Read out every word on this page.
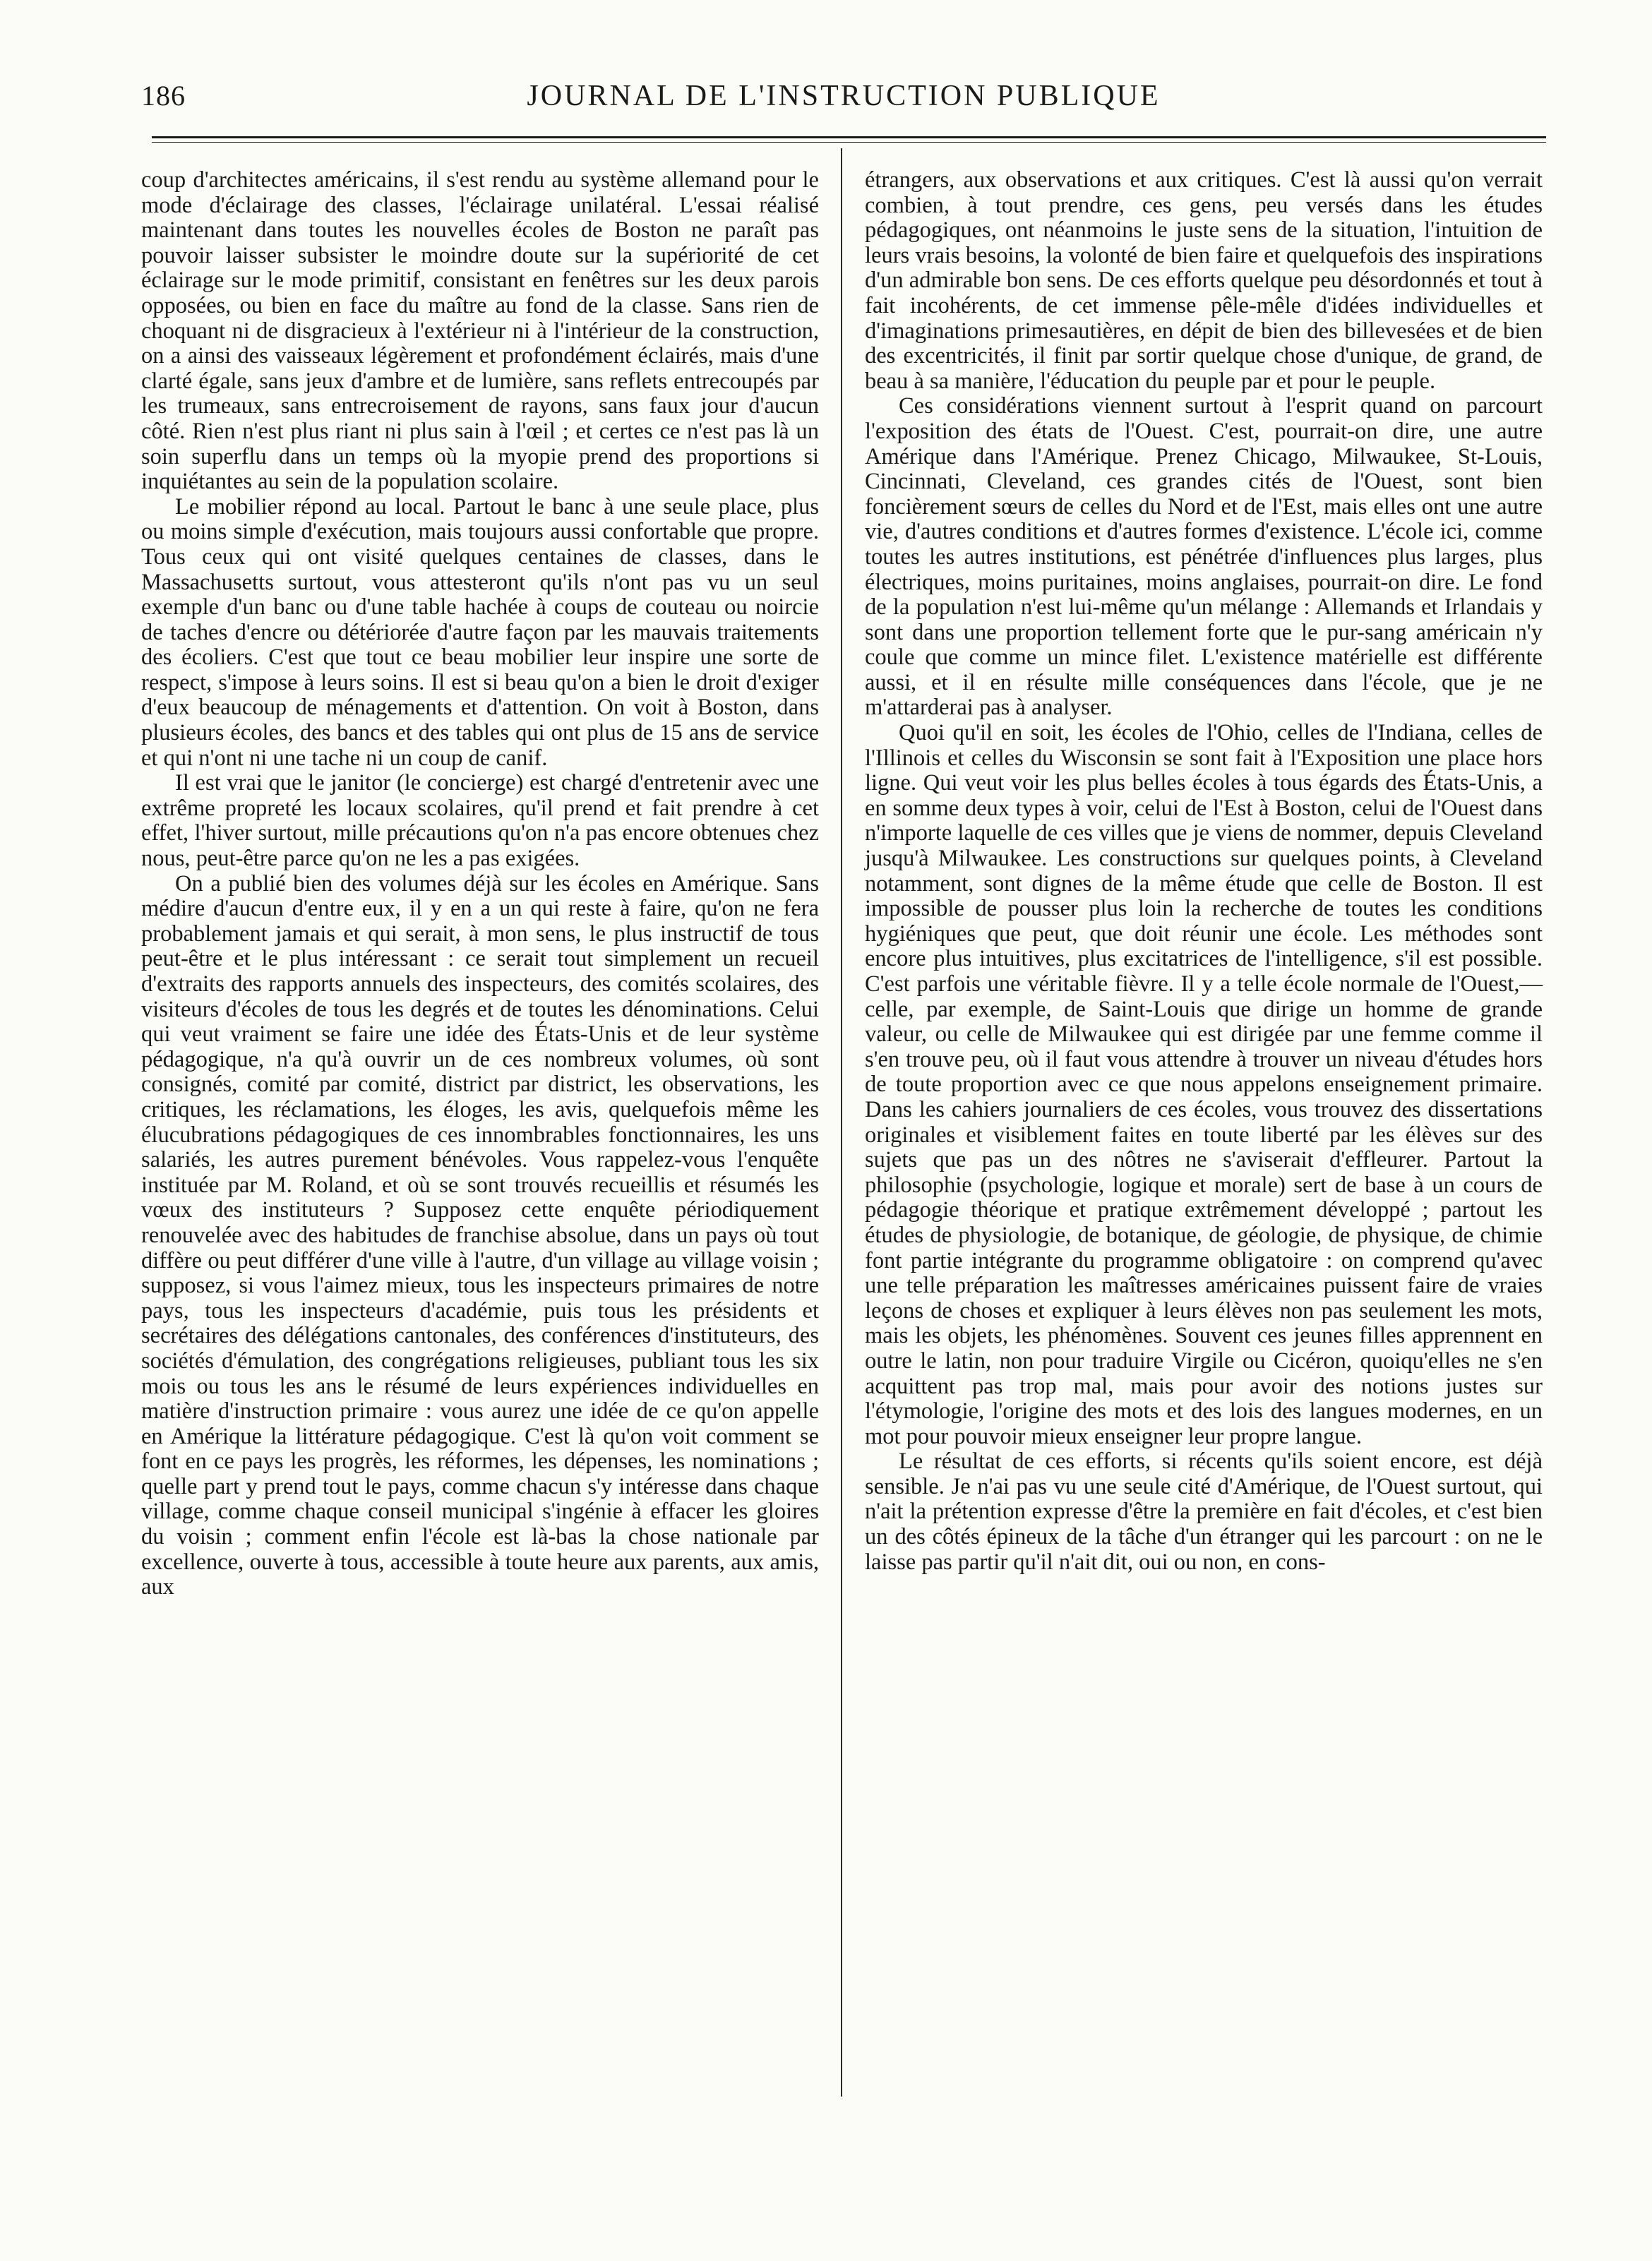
186	JOURNAL DE L'INSTRUCTION PUBLIQUE

coup d'architectes américains, il s'est rendu au système allemand pour le mode d'éclairage des classes, l'éclairage unilatéral. L'essai réalisé maintenant dans toutes les nouvelles écoles de Boston ne paraît pas pouvoir laisser subsister le moindre doute sur la supériorité de cet éclairage sur le mode primitif, consistant en fenêtres sur les deux parois opposées, ou bien en face du maître au fond de la classe. Sans rien de choquant ni de disgracieux à l'extérieur ni à l'intérieur de la construction, on a ainsi des vaisseaux légèrement et profondément éclairés, mais d'une clarté égale, sans jeux d'ambre et de lumière, sans reflets entrecoupés par les trumeaux, sans entrecroisement de rayons, sans faux jour d'aucun côté. Rien n'est plus riant ni plus sain à l'œil ; et certes ce n'est pas là un soin superflu dans un temps où la myopie prend des proportions si inquiétantes au sein de la population scolaire.

Le mobilier répond au local. Partout le banc à une seule place, plus ou moins simple d'exécution, mais toujours aussi confortable que propre. Tous ceux qui ont visité quelques centaines de classes, dans le Massachusetts surtout, vous attesteront qu'ils n'ont pas vu un seul exemple d'un banc ou d'une table hachée à coups de couteau ou noircie de taches d'encre ou détériorée d'autre façon par les mauvais traitements des écoliers. C'est que tout ce beau mobilier leur inspire une sorte de respect, s'impose à leurs soins. Il est si beau qu'on a bien le droit d'exiger d'eux beaucoup de ménagements et d'attention. On voit à Boston, dans plusieurs écoles, des bancs et des tables qui ont plus de 15 ans de service et qui n'ont ni une tache ni un coup de canif.

Il est vrai que le janitor (le concierge) est chargé d'entretenir avec une extrême propreté les locaux scolaires, qu'il prend et fait prendre à cet effet, l'hiver surtout, mille précautions qu'on n'a pas encore obtenues chez nous, peut-être parce qu'on ne les a pas exigées.

On a publié bien des volumes déjà sur les écoles en Amérique. Sans médire d'aucun d'entre eux, il y en a un qui reste à faire, qu'on ne fera probablement jamais et qui serait, à mon sens, le plus instructif de tous peut-être et le plus intéressant : ce serait tout simplement un recueil d'extraits des rapports annuels des inspecteurs, des comités scolaires, des visiteurs d'écoles de tous les degrés et de toutes les dénominations. Celui qui veut vraiment se faire une idée des États-Unis et de leur système pédagogique, n'a qu'à ouvrir un de ces nombreux volumes, où sont consignés, comité par comité, district par district, les observations, les critiques, les réclamations, les éloges, les avis, quelquefois même les élucubrations pédagogiques de ces innombrables fonctionnaires, les uns salariés, les autres purement bénévoles. Vous rappelez-vous l'enquête instituée par M. Roland, et où se sont trouvés recueillis et résumés les vœux des instituteurs ? Supposez cette enquête périodiquement renouvelée avec des habitudes de franchise absolue, dans un pays où tout diffère ou peut différer d'une ville à l'autre, d'un village au village voisin ; supposez, si vous l'aimez mieux, tous les inspecteurs primaires de notre pays, tous les inspecteurs d'académie, puis tous les présidents et secrétaires des délégations cantonales, des conférences d'instituteurs, des sociétés d'émulation, des congrégations religieuses, publiant tous les six mois ou tous les ans le résumé de leurs expériences individuelles en matière d'instruction primaire : vous aurez une idée de ce qu'on appelle en Amérique la littérature pédagogique. C'est là qu'on voit comment se font en ce pays les progrès, les réformes, les dépenses, les nominations ; quelle part y prend tout le pays, comme chacun s'y intéresse dans chaque village, comme chaque conseil municipal s'ingénie à effacer les gloires du voisin ; comment enfin l'école est là-bas la chose nationale par excellence, ouverte à tous, accessible à toute heure aux parents, aux amis, aux

étrangers, aux observations et aux critiques. C'est là aussi qu'on verrait combien, à tout prendre, ces gens, peu versés dans les études pédagogiques, ont néanmoins le juste sens de la situation, l'intuition de leurs vrais besoins, la volonté de bien faire et quelquefois des inspirations d'un admirable bon sens. De ces efforts quelque peu désordonnés et tout à fait incohérents, de cet immense pêle-mêle d'idées individuelles et d'imaginations primesautières, en dépit de bien des billevesées et de bien des excentricités, il finit par sortir quelque chose d'unique, de grand, de beau à sa manière, l'éducation du peuple par et pour le peuple.

Ces considérations viennent surtout à l'esprit quand on parcourt l'exposition des états de l'Ouest. C'est, pourrait-on dire, une autre Amérique dans l'Amérique. Prenez Chicago, Milwaukee, St-Louis, Cincinnati, Cleveland, ces grandes cités de l'Ouest, sont bien foncièrement sœurs de celles du Nord et de l'Est, mais elles ont une autre vie, d'autres conditions et d'autres formes d'existence. L'école ici, comme toutes les autres institutions, est pénétrée d'influences plus larges, plus électriques, moins puritaines, moins anglaises, pourrait-on dire. Le fond de la population n'est lui-même qu'un mélange : Allemands et Irlandais y sont dans une proportion tellement forte que le pur-sang américain n'y coule que comme un mince filet. L'existence matérielle est différente aussi, et il en résulte mille conséquences dans l'école, que je ne m'attarderai pas à analyser.

Quoi qu'il en soit, les écoles de l'Ohio, celles de l'Indiana, celles de l'Illinois et celles du Wisconsin se sont fait à l'Exposition une place hors ligne. Qui veut voir les plus belles écoles à tous égards des États-Unis, a en somme deux types à voir, celui de l'Est à Boston, celui de l'Ouest dans n'importe laquelle de ces villes que je viens de nommer, depuis Cleveland jusqu'à Milwaukee. Les constructions sur quelques points, à Cleveland notamment, sont dignes de la même étude que celle de Boston. Il est impossible de pousser plus loin la recherche de toutes les conditions hygiéniques que peut, que doit réunir une école. Les méthodes sont encore plus intuitives, plus excitatrices de l'intelligence, s'il est possible. C'est parfois une véritable fièvre. Il y a telle école normale de l'Ouest,—celle, par exemple, de Saint-Louis que dirige un homme de grande valeur, ou celle de Milwaukee qui est dirigée par une femme comme il s'en trouve peu, où il faut vous attendre à trouver un niveau d'études hors de toute proportion avec ce que nous appelons enseignement primaire. Dans les cahiers journaliers de ces écoles, vous trouvez des dissertations originales et visiblement faites en toute liberté par les élèves sur des sujets que pas un des nôtres ne s'aviserait d'effleurer. Partout la philosophie (psychologie, logique et morale) sert de base à un cours de pédagogie théorique et pratique extrêmement développé ; partout les études de physiologie, de botanique, de géologie, de physique, de chimie font partie intégrante du programme obligatoire : on comprend qu'avec une telle préparation les maîtresses américaines puissent faire de vraies leçons de choses et expliquer à leurs élèves non pas seulement les mots, mais les objets, les phénomènes. Souvent ces jeunes filles apprennent en outre le latin, non pour traduire Virgile ou Cicéron, quoiqu'elles ne s'en acquittent pas trop mal, mais pour avoir des notions justes sur l'étymologie, l'origine des mots et des lois des langues modernes, en un mot pour pouvoir mieux enseigner leur propre langue.

Le résultat de ces efforts, si récents qu'ils soient encore, est déjà sensible. Je n'ai pas vu une seule cité d'Amérique, de l'Ouest surtout, qui n'ait la prétention expresse d'être la première en fait d'écoles, et c'est bien un des côtés épineux de la tâche d'un étranger qui les parcourt : on ne le laisse pas partir qu'il n'ait dit, oui ou non, en cons-
